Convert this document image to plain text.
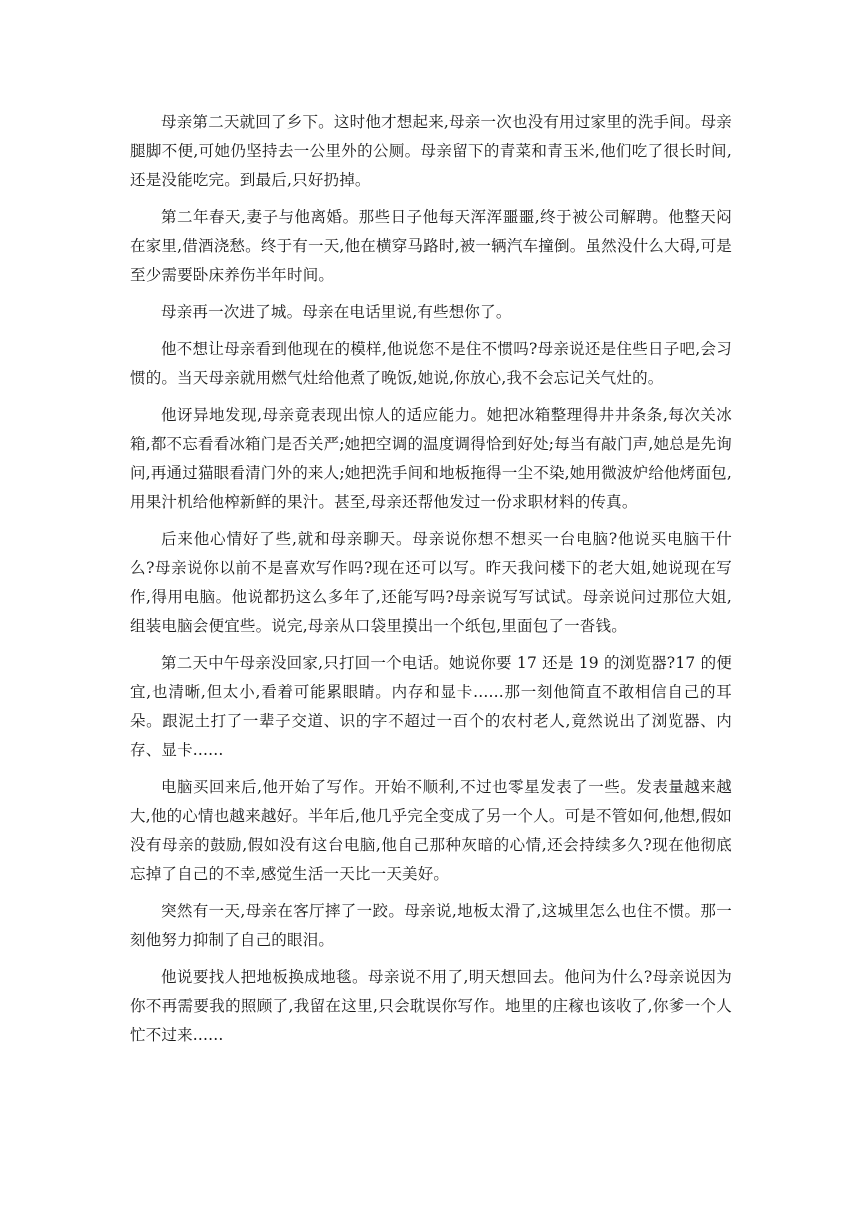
母亲第二天就回了乡下。这时他才想起来,母亲一次也没有用过家里的洗手间。母亲腿脚不便,可她仍坚持去一公里外的公厕。母亲留下的青菜和青玉米,他们吃了很长时间,还是没能吃完。到最后,只好扔掉。

第二年春天,妻子与他离婚。那些日子他每天浑浑噩噩,终于被公司解聘。他整天闷在家里,借酒浇愁。终于有一天,他在横穿马路时,被一辆汽车撞倒。虽然没什么大碍,可是至少需要卧床养伤半年时间。

母亲再一次进了城。母亲在电话里说,有些想你了。

他不想让母亲看到他现在的模样,他说您不是住不惯吗?母亲说还是住些日子吧,会习惯的。当天母亲就用燃气灶给他煮了晚饭,她说,你放心,我不会忘记关气灶的。

他讶异地发现,母亲竟表现出惊人的适应能力。她把冰箱整理得井井条条,每次关冰箱,都不忘看看冰箱门是否关严;她把空调的温度调得恰到好处;每当有敲门声,她总是先询问,再通过猫眼看清门外的来人;她把洗手间和地板拖得一尘不染,她用微波炉给他烤面包,用果汁机给他榨新鲜的果汁。甚至,母亲还帮他发过一份求职材料的传真。

后来他心情好了些,就和母亲聊天。母亲说你想不想买一台电脑?他说买电脑干什么?母亲说你以前不是喜欢写作吗?现在还可以写。昨天我问楼下的老大姐,她说现在写作,得用电脑。他说都扔这么多年了,还能写吗?母亲说写写试试。母亲说问过那位大姐,组装电脑会便宜些。说完,母亲从口袋里摸出一个纸包,里面包了一沓钱。

第二天中午母亲没回家,只打回一个电话。她说你要 17 还是 19 的浏览器?17 的便宜,也清晰,但太小,看着可能累眼睛。内存和显卡......那一刻他简直不敢相信自己的耳朵。跟泥土打了一辈子交道、识的字不超过一百个的农村老人,竟然说出了浏览器、内存、显卡......

电脑买回来后,他开始了写作。开始不顺利,不过也零星发表了一些。发表量越来越大,他的心情也越来越好。半年后,他几乎完全变成了另一个人。可是不管如何,他想,假如没有母亲的鼓励,假如没有这台电脑,他自己那种灰暗的心情,还会持续多久?现在他彻底忘掉了自己的不幸,感觉生活一天比一天美好。

突然有一天,母亲在客厅摔了一跤。母亲说,地板太滑了,这城里怎么也住不惯。那一刻他努力抑制了自己的眼泪。

他说要找人把地板换成地毯。母亲说不用了,明天想回去。他问为什么?母亲说因为你不再需要我的照顾了,我留在这里,只会耽误你写作。地里的庄稼也该收了,你爹一个人忙不过来......
